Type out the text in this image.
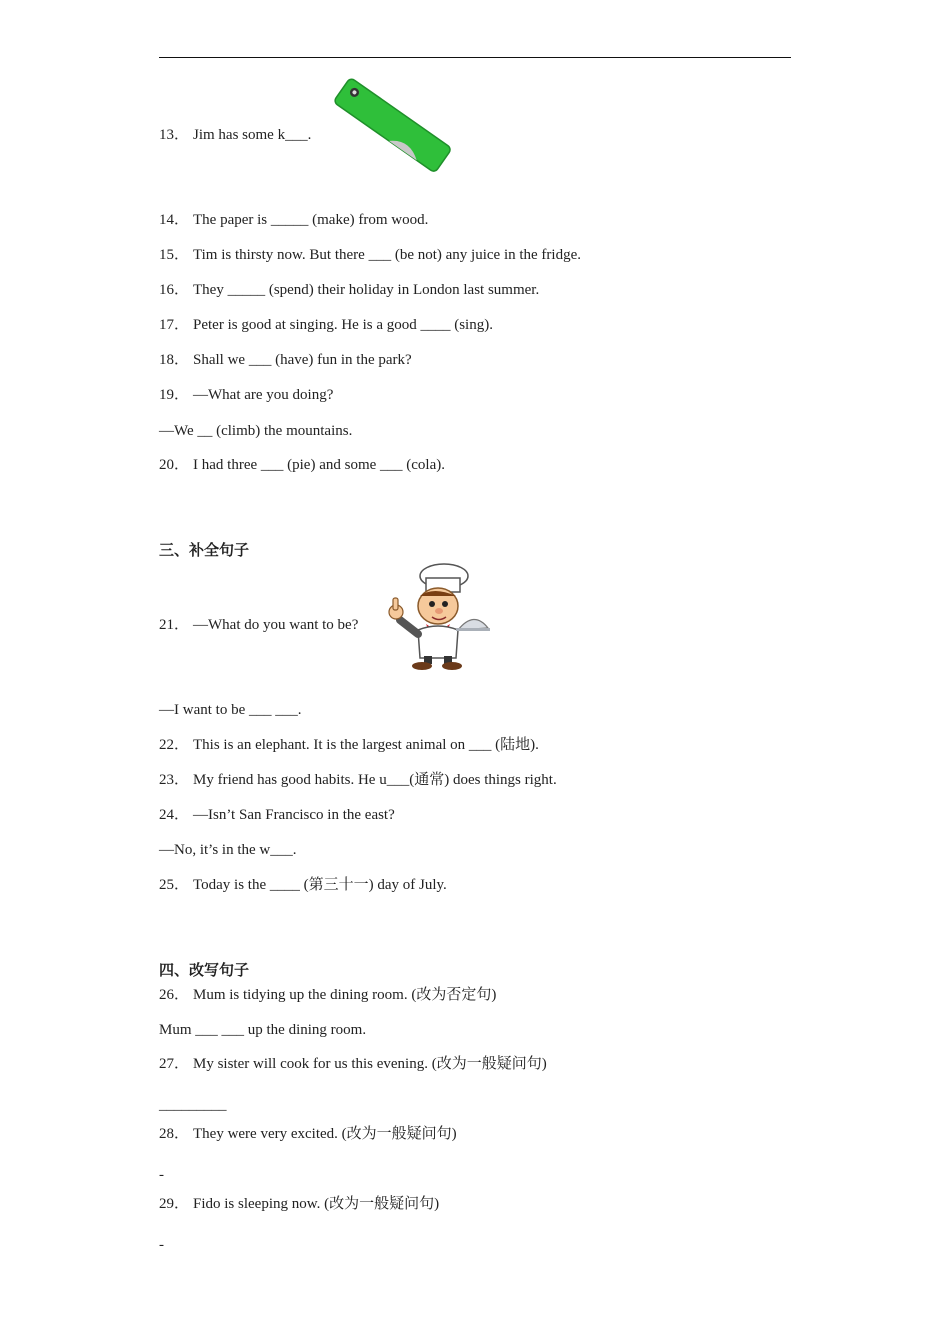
13． Jim has some k___.
14． The paper is _____ (make) from wood.
15． Tim is thirsty now. But there ___ (be not) any juice in the fridge.
16． They _____ (spend) their holiday in London last summer.
17． Peter is good at singing. He is a good ____ (sing).
18． Shall we ___ (have) fun in the park?
19． —What are you doing?
—We __ (climb) the mountains.
20． I had three ___ (pie) and some ___ (cola).
三、补全句子
21． —What do you want to be?
—I want to be ___ ___.
22． This is an elephant. It is the largest animal on ___ (陆地).
23． My friend has good habits. He u___(通常) does things right.
24． —Isn’t San Francisco in the east?
—No, it’s in the w___.
25． Today is the ____ (第三十一) day of July.
四、改写句子
26． Mum is tidying up the dining room. (改为否定句)
Mum ___ ___ up the dining room.
27． My sister will cook for us this evening. (改为一般疑问句)
_________
28． They were very excited. (改为一般疑问句)
-
29． Fido is sleeping now. (改为一般疑问句)
-
